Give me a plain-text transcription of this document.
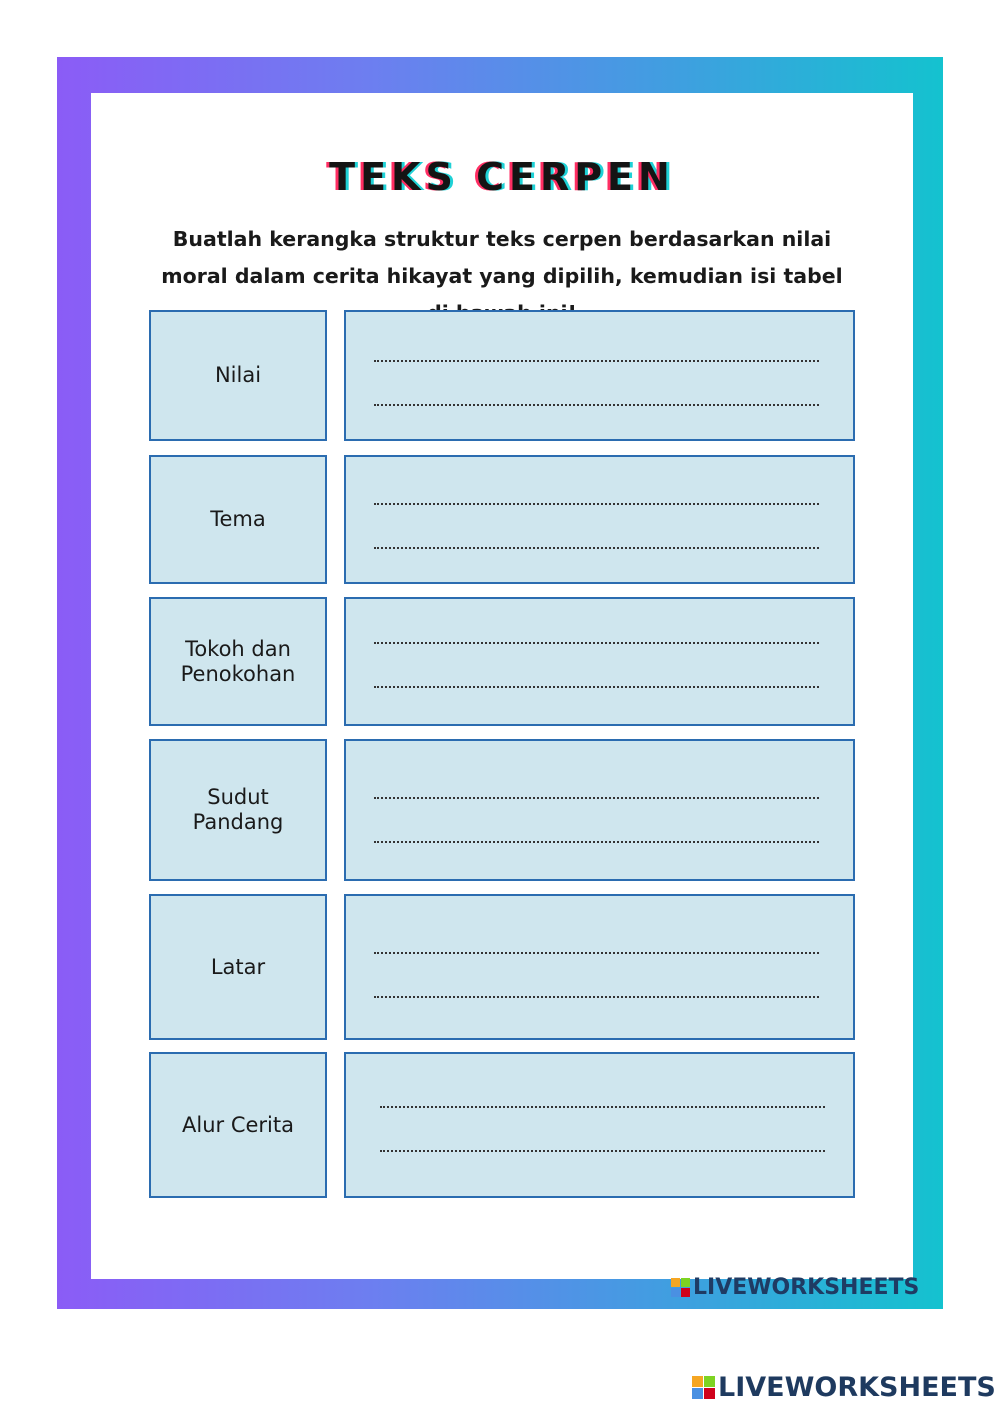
TEKS CERPEN
Buatlah kerangka struktur teks cerpen berdasarkan nilai moral dalam cerita hikayat yang dipilih, kemudian isi tabel
Nilai
Tema
Tokoh dan Penokohan
Sudut Pandang
Latar
Alur Cerita
LIVEWORKSHEETS
LIVEWORKSHEETS
